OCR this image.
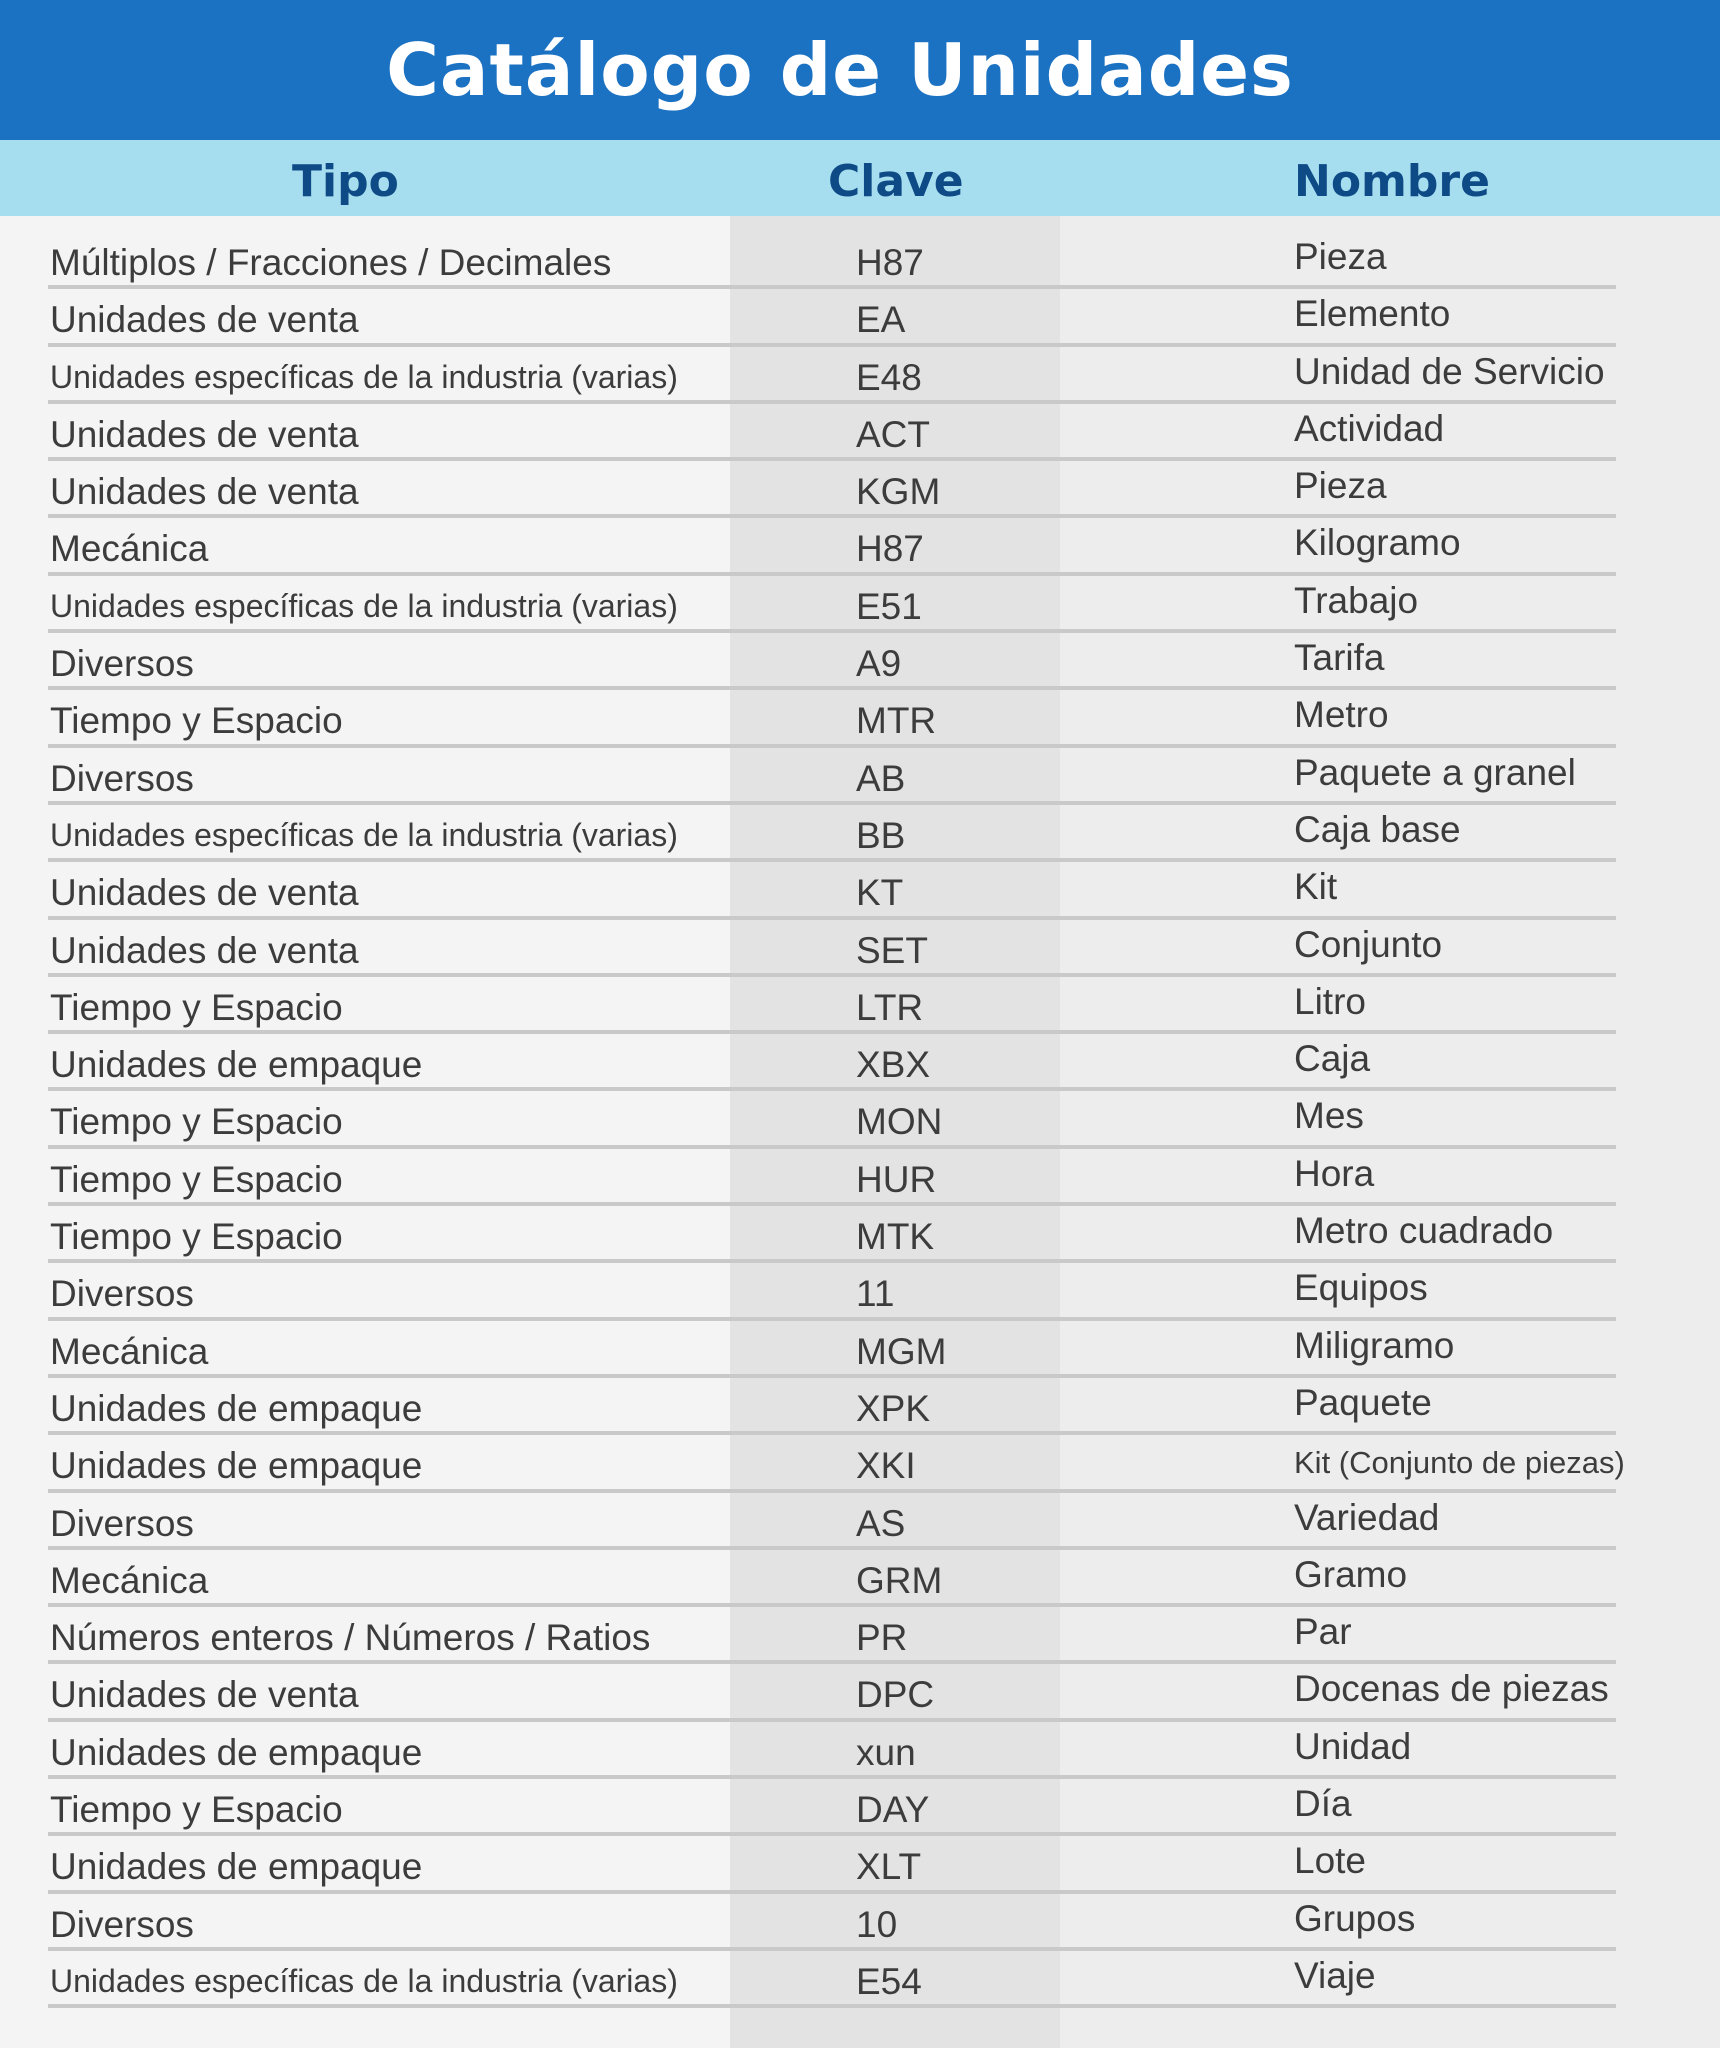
Catálogo de Unidades
Tipo	Clave	Nombre
Múltiplos / Fracciones / Decimales	H87	Pieza
Unidades de venta	EA	Elemento
Unidades específicas de la industria (varias)	E48	Unidad de Servicio
Unidades de venta	ACT	Actividad
Unidades de venta	KGM	Pieza
Mecánica	H87	Kilogramo
Unidades específicas de la industria (varias)	E51	Trabajo
Diversos	A9	Tarifa
Tiempo y Espacio	MTR	Metro
Diversos	AB	Paquete a granel
Unidades específicas de la industria (varias)	BB	Caja base
Unidades de venta	KT	Kit
Unidades de venta	SET	Conjunto
Tiempo y Espacio	LTR	Litro
Unidades de empaque	XBX	Caja
Tiempo y Espacio	MON	Mes
Tiempo y Espacio	HUR	Hora
Tiempo y Espacio	MTK	Metro cuadrado
Diversos	11	Equipos
Mecánica	MGM	Miligramo
Unidades de empaque	XPK	Paquete
Unidades de empaque	XKI	Kit (Conjunto de piezas)
Diversos	AS	Variedad
Mecánica	GRM	Gramo
Números enteros / Números / Ratios	PR	Par
Unidades de venta	DPC	Docenas de piezas
Unidades de empaque	xun	Unidad
Tiempo y Espacio	DAY	Día
Unidades de empaque	XLT	Lote
Diversos	10	Grupos
Unidades específicas de la industria (varias)	E54	Viaje
